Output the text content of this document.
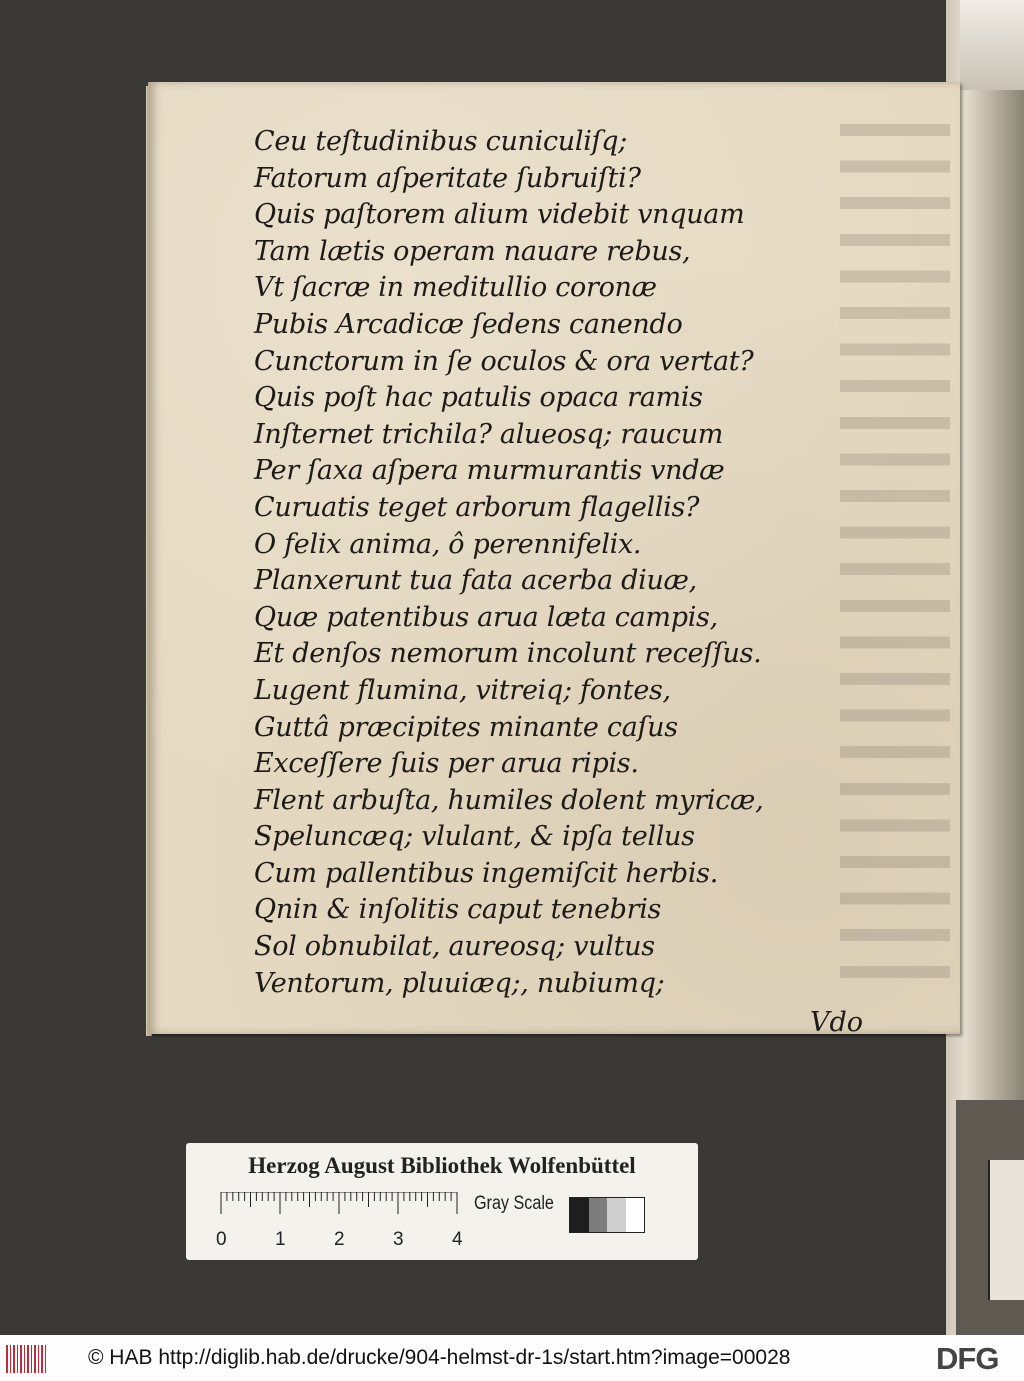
Ceu teſtudinibus cuniculiſq;
Fatorum aſperitate ſubruiſti?
Quis paſtorem alium videbit vnquam
Tam lætis operam nauare rebus,
Vt ſacræ in meditullio coronæ
Pubis Arcadicæ ſedens canendo
Cunctorum in ſe oculos & ora vertat?
Quis poſt hac patulis opaca ramis
Inſternet trichila? alueosq; raucum
Per ſaxa aſpera murmurantis vndæ
Curuatis teget arborum flagellis?
O felix anima, ô perennifelix.
Planxerunt tua fata acerba diuæ,
Quæ patentibus arua læta campis,
Et denſos nemorum incolunt receſſus.
Lugent flumina, vitreiq; fontes,
Guttâ præcipites minante caſus
Exceſſere ſuis per arua ripis.
Flent arbuſta, humiles dolent myricæ,
Speluncæq; vlulant, & ipſa tellus
Cum pallentibus ingemiſcit herbis.
Qnin & inſolitis caput tenebris
Sol obnubilat, aureosq; vultus
Ventorum, pluuiæq;, nubiumq;
Vdo
Herzog August Bibliothek Wolfenbüttel
0	1	2	3	4
Gray Scale
© HAB http://diglib.hab.de/drucke/904-helmst-dr-1s/start.htm?image=00028	DFG
